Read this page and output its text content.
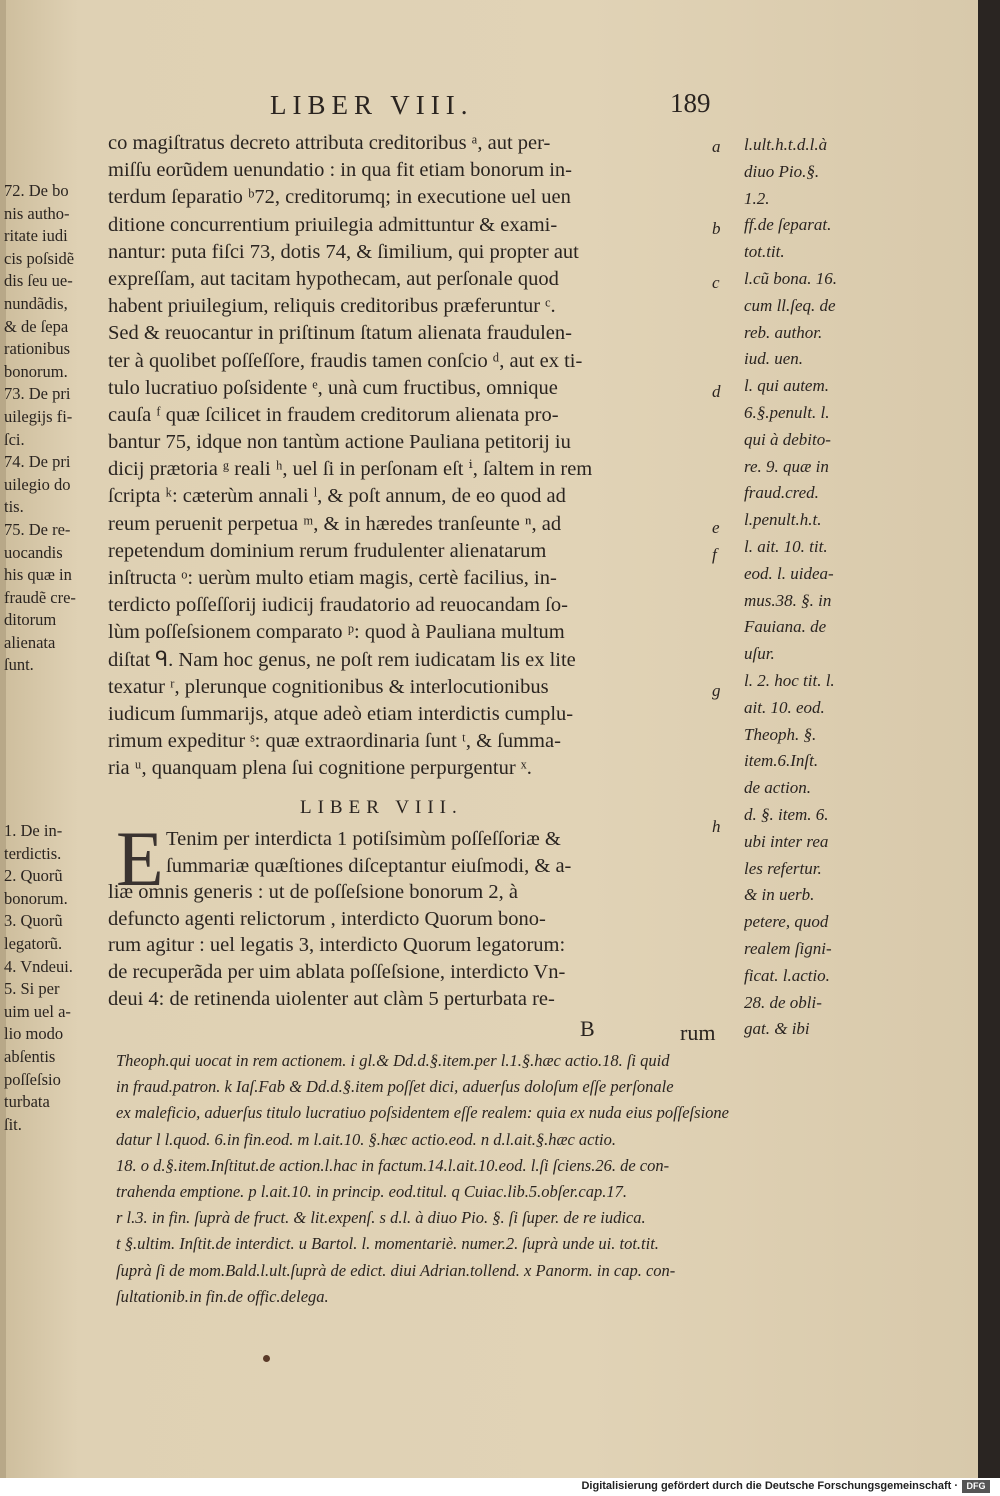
LIBER VIII.	189
co magiſtratus decreto attributa creditoribus ᵃ, aut per-
miſſu eorũdem uenundatio : in qua fit etiam bonorum in-
terdum ſeparatio ᵇ72, creditorumq; in executione uel uen
ditione concurrentium priuilegia admittuntur & exami-
nantur: puta fiſci 73, dotis 74, & ſimilium, qui propter aut
expreſſam, aut tacitam hypothecam, aut perſonale quod
habent priuilegium, reliquis creditoribus præferuntur ᶜ.
Sed & reuocantur in priſtinum ſtatum alienata fraudulen-
ter à quolibet poſſeſſore, fraudis tamen conſcio ᵈ, aut ex ti-
tulo lucratiuo poſsidente ᵉ, unà cum fructibus, omnique
cauſa ᶠ quæ ſcilicet in fraudem creditorum alienata pro-
bantur 75, idque non tantùm actione Pauliana petitorij iu
dicij prætoria ᵍ reali ʰ, uel ſi in perſonam eſt ⁱ, ſaltem in rem
ſcripta ᵏ: cæterùm annali ˡ, & poſt annum, de eo quod ad
reum peruenit perpetua ᵐ, & in hæredes tranſeunte ⁿ, ad
repetendum dominium rerum frudulenter alienatarum
inſtructa ᵒ: uerùm multo etiam magis, certè facilius, in-
terdicto poſſeſſorij iudicij fraudatorio ad reuocandam ſo-
lùm poſſeſsionem comparato ᵖ: quod à Pauliana multum
diſtat ᑫ. Nam hoc genus, ne poſt rem iudicatam lis ex lite
texatur ʳ, plerunque cognitionibus & interlocutionibus
iudicum ſummarijs, atque adeò etiam interdictis cumplu-
rimum expeditur ˢ: quæ extraordinaria ſunt ᵗ, & ſumma-
ria ᵘ, quanquam plena ſui cognitione perpurgentur ˣ.
LIBER VIII.
E Tenim per interdicta 1 potiſsimùm poſſeſſoriæ &
ſummariæ quæſtiones diſceptantur eiuſmodi, & a-
liæ omnis generis : ut de poſſeſsione bonorum 2, à
defuncto agenti relictorum , interdicto Quorum bono-
rum agitur : uel legatis 3, interdicto Quorum legatorum:
de recuperãda per uim ablata poſſeſsione, interdicto Vn-
deui 4: de retinenda uiolenter aut clàm 5 perturbata re-
B	rum
a
b
c
d
e
f
g
h
l.ult.h.t.d.l.à
diuo Pio.§.
1.2.
ff.de ſeparat.
tot.tit.
l.cũ bona. 16.
cum ll.ſeq. de
reb. author.
iud. uen.
l. qui autem.
6.§.penult. l.
qui à debito-
re. 9. quæ in
fraud.cred.
l.penult.h.t.
l. ait. 10. tit.
eod. l. uidea-
mus.38. §. in
Fauiana. de
uſur.
l. 2. hoc tit. l.
ait. 10. eod.
Theoph. §.
item.6.Inſt.
de action.
d. §. item. 6.
ubi inter rea
les refertur.
& in uerb.
petere, quod
realem ſigni-
ficat. l.actio.
28. de obli-
gat. & ibi
72. De bo
nis autho-
ritate iudi
cis poſsidẽ
dis ſeu ue-
nundãdis,
& de ſepa
rationibus
bonorum.
73. De pri
uilegijs fi-
ſci.
74. De pri
uilegio do
tis.
75. De re-
uocandis
his quæ in
fraudẽ cre-
ditorum
alienata
ſunt.
1. De in-
terdictis.
2. Quorũ
bonorum.
3. Quorũ
legatorũ.
4. Vndeui.
5. Si per
uim uel a-
lio modo
abſentis
poſſeſsio
turbata
ſit.
Theoph.qui uocat in rem actionem. i gl.& Dd.d.§.item.per l.1.§.hæc actio.18. ſi quid
in fraud.patron. k Iaſ.Fab & Dd.d.§.item poſſet dici, aduerſus doloſum eſſe perſonale
ex maleficio, aduerſus titulo lucratiuo poſsidentem eſſe realem: quia ex nuda eius poſſeſsione
datur l l.quod. 6.in fin.eod. m l.ait.10. §.hæc actio.eod. n d.l.ait.§.hæc actio.
18. o d.§.item.Inſtitut.de action.l.hac in factum.14.l.ait.10.eod. l.ſi ſciens.26. de con-
trahenda emptione. p l.ait.10. in princip. eod.titul. q Cuiac.lib.5.obſer.cap.17.
r l.3. in fin. ſuprà de fruct. & lit.expenſ. s d.l. à diuo Pio. §. ſi ſuper. de re iudica.
t §.ultim. Inſtit.de interdict. u Bartol. l. momentariè. numer.2. ſuprà unde ui. tot.tit.
ſuprà ſi de mom.Bald.l.ult.ſuprà de edict. diui Adrian.tollend. x Panorm. in cap. con-
ſultationib.in fin.de offic.delega.
Digitalisierung gefördert durch die Deutsche Forschungsgemeinschaft · DFG
